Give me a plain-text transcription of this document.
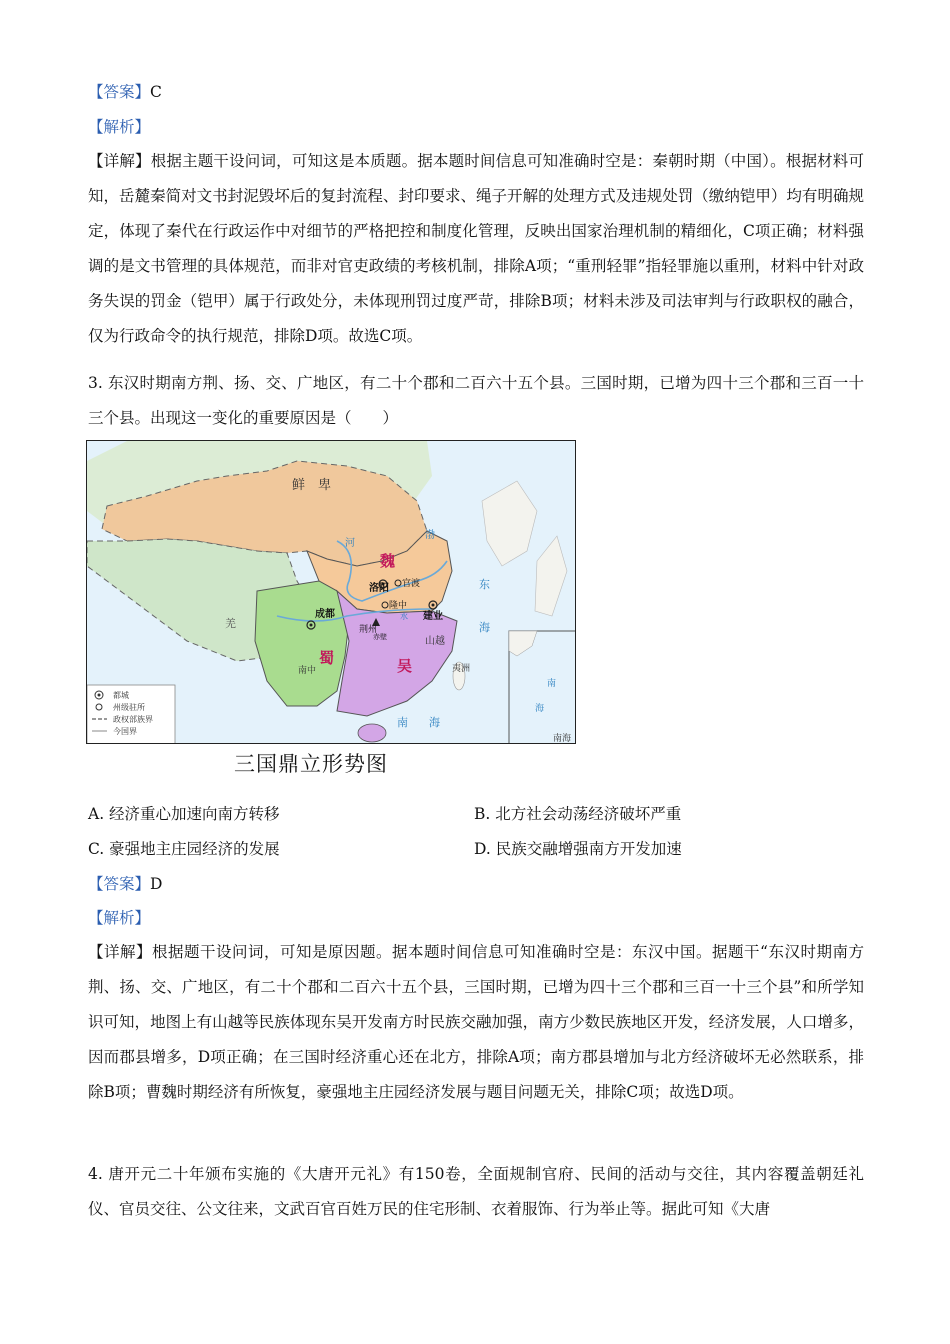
【答案】C
【解析】
【详解】根据主题干设问词，可知这是本质题。据本题时间信息可知准确时空是：秦朝时期（中国）。根据材料可知，岳麓秦简对文书封泥毁坏后的复封流程、封印要求、绳子开解的处理方式及违规处罚（缴纳铠甲）均有明确规定，体现了秦代在行政运作中对细节的严格把控和制度化管理，反映出国家治理机制的精细化，C项正确；材料强调的是文书管理的具体规范，而非对官吏政绩的考核机制，排除A项；“重刑轻罪”指轻罪施以重刑，材料中针对政务失误的罚金（铠甲）属于行政处分，未体现刑罚过度严苛，排除B项；材料未涉及司法审判与行政职权的融合，仅为行政命令的执行规范，排除D项。故选C项。
3. 东汉时期南方荆、扬、交、广地区，有二十个郡和二百六十五个县。三国时期，已增为四十三个郡和三百一十三个县。出现这一变化的重要原因是（　　）
都城
州级驻所
政权部族界
今国界
鲜　卑
羌
魏
蜀	吴
洛阳 官渡
隆中
成都	建业
荆州
赤壁
南中
山越
夷洲
河
水
渤
东
海
南 海
南
海
南海
三国鼎立形势图
A. 经济重心加速向南方转移	B. 北方社会动荡经济破坏严重
C. 豪强地主庄园经济的发展	D. 民族交融增强南方开发加速
【答案】D
【解析】
【详解】根据题干设问词，可知是原因题。据本题时间信息可知准确时空是：东汉中国。据题干“东汉时期南方荆、扬、交、广地区，有二十个郡和二百六十五个县，三国时期，已增为四十三个郡和三百一十三个县”和所学知识可知，地图上有山越等民族体现东吴开发南方时民族交融加强，南方少数民族地区开发，经济发展，人口增多，因而郡县增多，D项正确；在三国时经济重心还在北方，排除A项；南方郡县增加与北方经济破坏无必然联系，排除B项；曹魏时期经济有所恢复，豪强地主庄园经济发展与题目问题无关，排除C项；故选D项。
4. 唐开元二十年颁布实施的《大唐开元礼》有150卷，全面规制官府、民间的活动与交往，其内容覆盖朝廷礼仪、官员交往、公文往来，文武百官百姓万民的住宅形制、衣着服饰、行为举止等。据此可知《大唐
